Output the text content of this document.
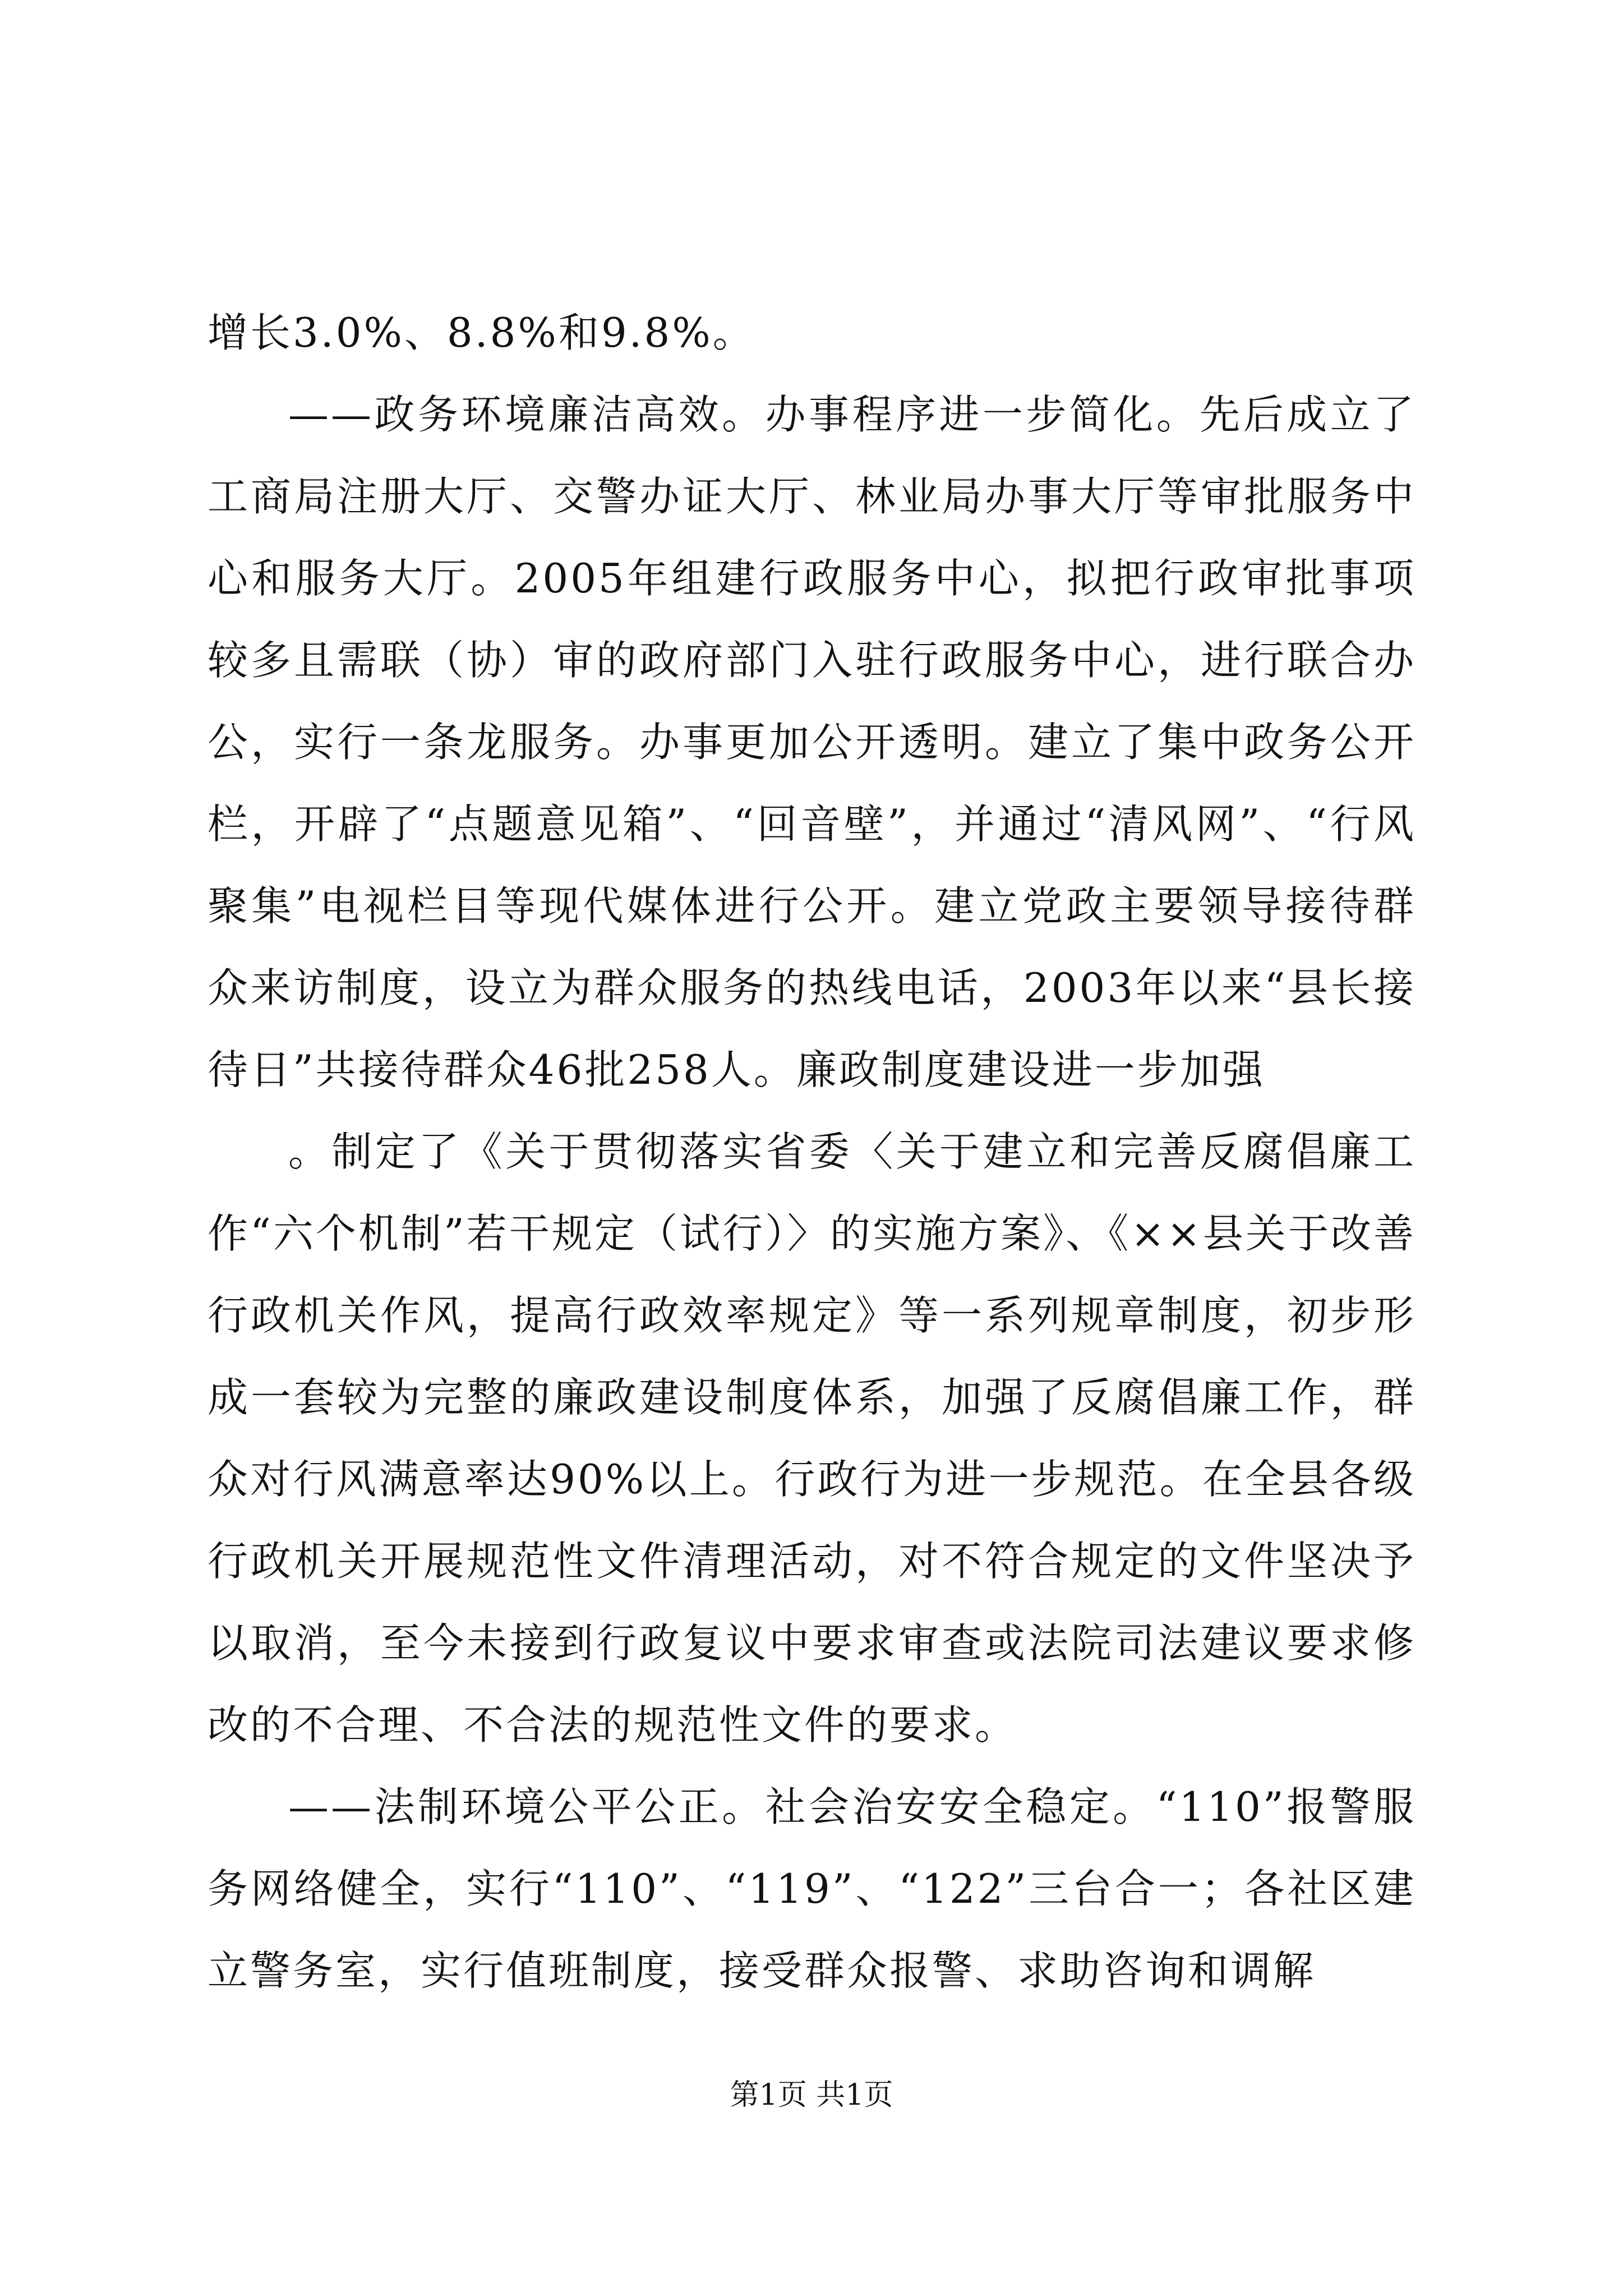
增长3.0%、8.8%和9.8%。

——政务环境廉洁高效。办事程序进一步简化。先后成立了工商局注册大厅、交警办证大厅、林业局办事大厅等审批服务中心和服务大厅。2005年组建行政服务中心，拟把行政审批事项较多且需联（协）审的政府部门入驻行政服务中心，进行联合办公，实行一条龙服务。办事更加公开透明。建立了集中政务公开栏，开辟了“点题意见箱”、“回音壁”，并通过“清风网”、“行风聚集”电视栏目等现代媒体进行公开。建立党政主要领导接待群众来访制度，设立为群众服务的热线电话，2003年以来“县长接待日”共接待群众46批258人。廉政制度建设进一步加强

。制定了《关于贯彻落实省委〈关于建立和完善反腐倡廉工作“六个机制”若干规定（试行）〉的实施方案》、《××县关于改善行政机关作风，提高行政效率规定》等一系列规章制度，初步形成一套较为完整的廉政建设制度体系，加强了反腐倡廉工作，群众对行风满意率达90%以上。行政行为进一步规范。在全县各级行政机关开展规范性文件清理活动，对不符合规定的文件坚决予以取消，至今未接到行政复议中要求审查或法院司法建议要求修改的不合理、不合法的规范性文件的要求。

——法制环境公平公正。社会治安安全稳定。“110”报警服务网络健全，实行“110”、“119”、“122”三台合一；各社区建立警务室，实行值班制度，接受群众报警、求助咨询和调解

第1页 共1页
